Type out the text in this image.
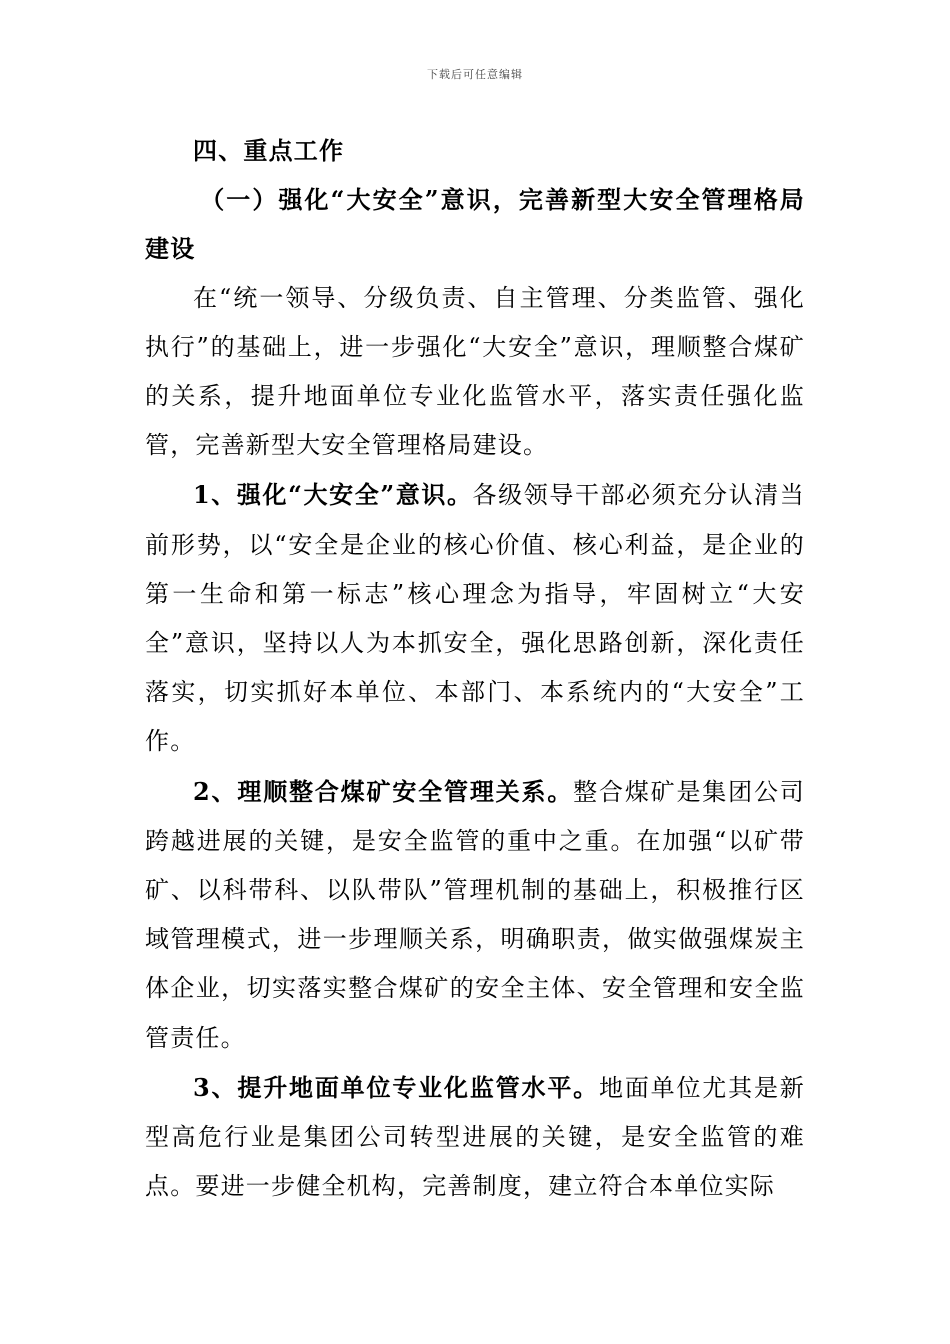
下载后可任意编辑

四、重点工作

（一）强化“大安全”意识，完善新型大安全管理格局建设

在“统一领导、分级负责、自主管理、分类监管、强化执行”的基础上，进一步强化“大安全”意识，理顺整合煤矿的关系，提升地面单位专业化监管水平，落实责任强化监管，完善新型大安全管理格局建设。

1、强化“大安全”意识。各级领导干部必须充分认清当前形势，以“安全是企业的核心价值、核心利益，是企业的第一生命和第一标志”核心理念为指导，牢固树立“大安全”意识，坚持以人为本抓安全，强化思路创新，深化责任落实，切实抓好本单位、本部门、本系统内的“大安全”工作。

2、理顺整合煤矿安全管理关系。整合煤矿是集团公司跨越进展的关键，是安全监管的重中之重。在加强“以矿带矿、以科带科、以队带队”管理机制的基础上，积极推行区域管理模式，进一步理顺关系，明确职责，做实做强煤炭主体企业，切实落实整合煤矿的安全主体、安全管理和安全监管责任。

3、提升地面单位专业化监管水平。地面单位尤其是新型高危行业是集团公司转型进展的关键，是安全监管的难点。要进一步健全机构，完善制度，建立符合本单位实际
